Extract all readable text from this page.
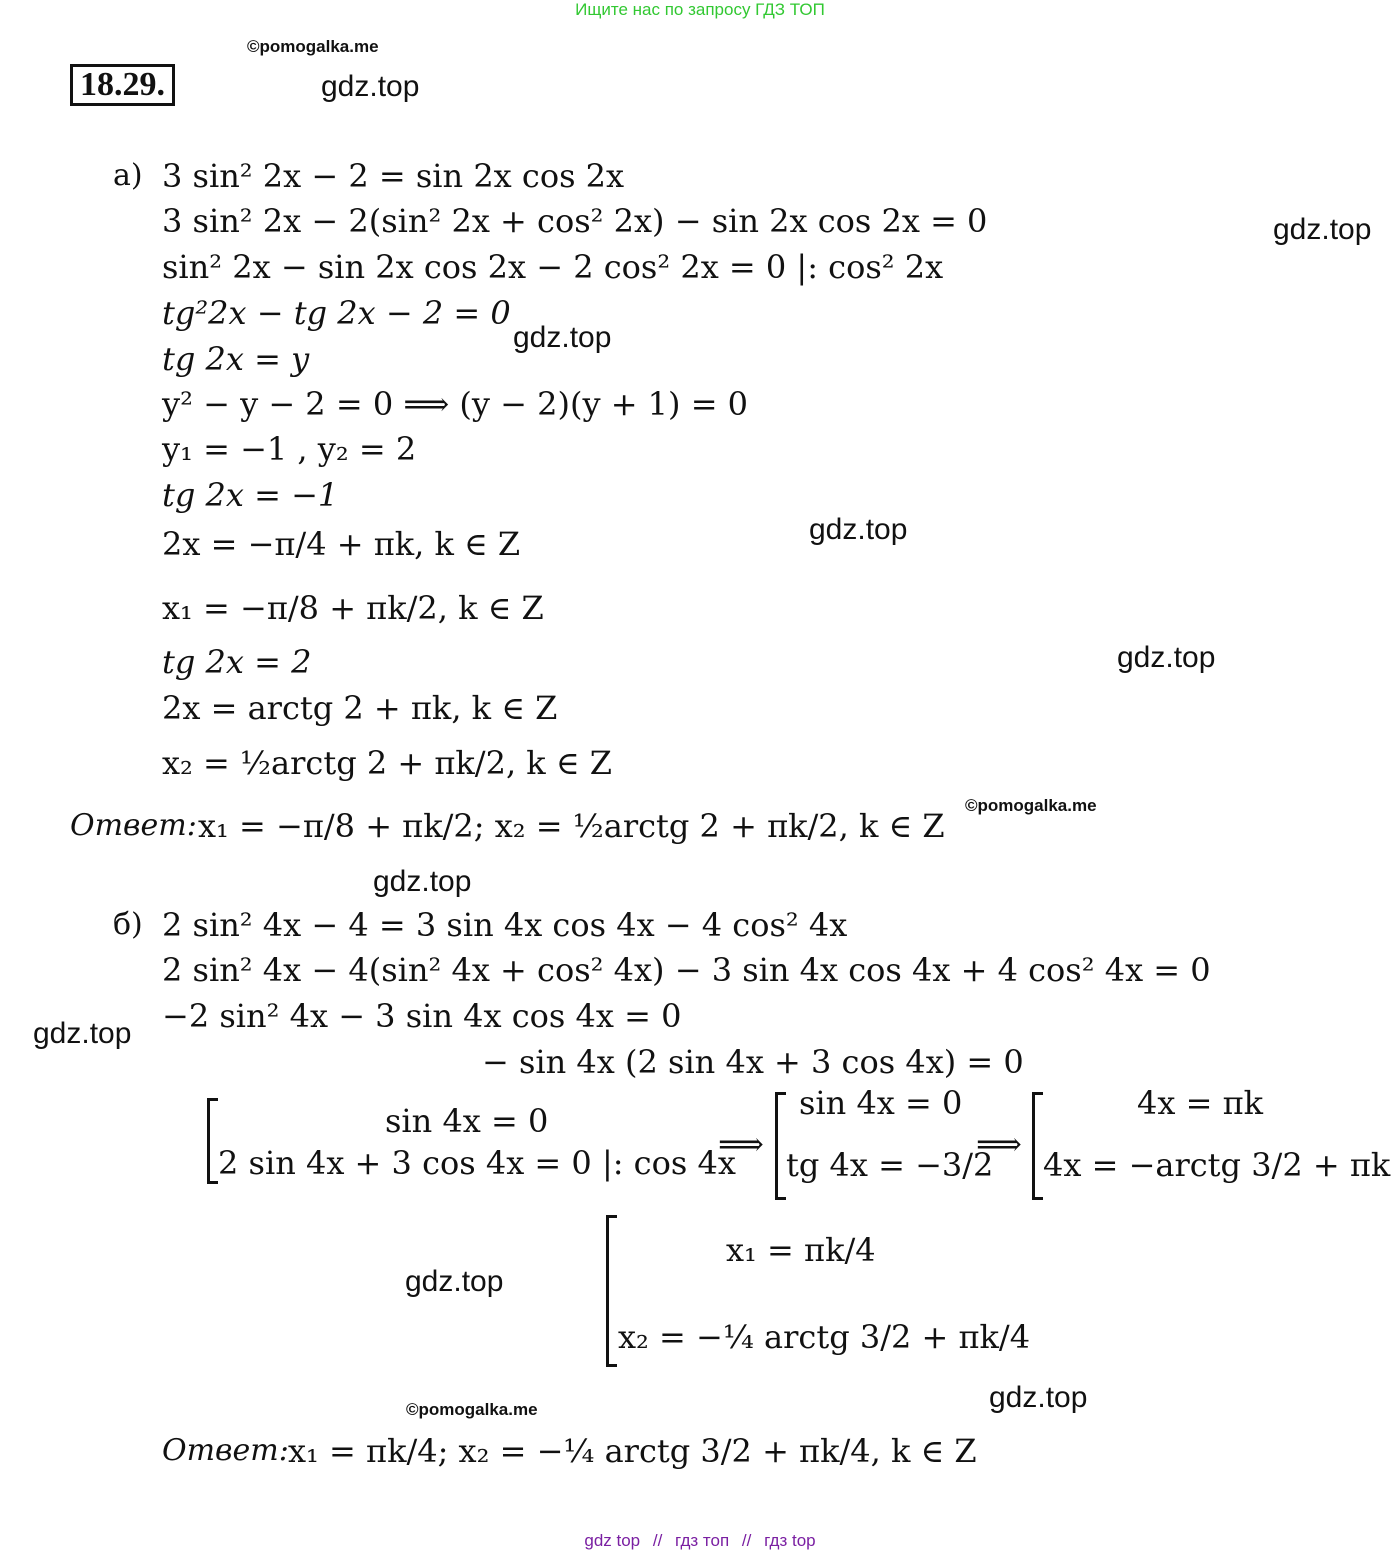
Ищите нас по запросу ГДЗ ТОП
©pomogalka.me
18.29.	gdz.top
а) 3 sin² 2x − 2 = sin 2x cos 2x
3 sin² 2x − 2(sin² 2x + cos² 2x) − sin 2x cos 2x = 0	gdz.top
sin² 2x − sin 2x cos 2x − 2 cos² 2x = 0 |: cos² 2x
tg²2x − tg 2x − 2 = 0
gdz.top
tg 2x = y
y² − y − 2 = 0 ⟹ (y − 2)(y + 1) = 0
y₁ = −1 , y₂ = 2
tg 2x = −1
gdz.top
2x = −π/4 + πk, k ∈ Z
x₁ = −π/8 + πk/2, k ∈ Z
gdz.top
tg 2x = 2
2x = arctg 2 + πk, k ∈ Z
x₂ = ½arctg 2 + πk/2, k ∈ Z
©pomogalka.me
Ответ: x₁ = −π/8 + πk/2; x₂ = ½arctg 2 + πk/2, k ∈ Z
gdz.top
б) 2 sin² 4x − 4 = 3 sin 4x cos 4x − 4 cos² 4x
2 sin² 4x − 4(sin² 4x + cos² 4x) − 3 sin 4x cos 4x + 4 cos² 4x = 0
gdz.top −2 sin² 4x − 3 sin 4x cos 4x = 0
− sin 4x (2 sin 4x + 3 cos 4x) = 0
sin 4x = 0
2 sin 4x + 3 cos 4x = 0 |: cos 4x
⟹
sin 4x = 0
tg 4x = −3/2
⟹
4x = πk
4x = −arctg 3/2 + πk
gdz.top
x₁ = πk/4
x₂ = −¼ arctg 3/2 + πk/4
gdz.top
©pomogalka.me
Ответ: x₁ = πk/4; x₂ = −¼ arctg 3/2 + πk/4, k ∈ Z
gdz top // гдз топ // гдз top
